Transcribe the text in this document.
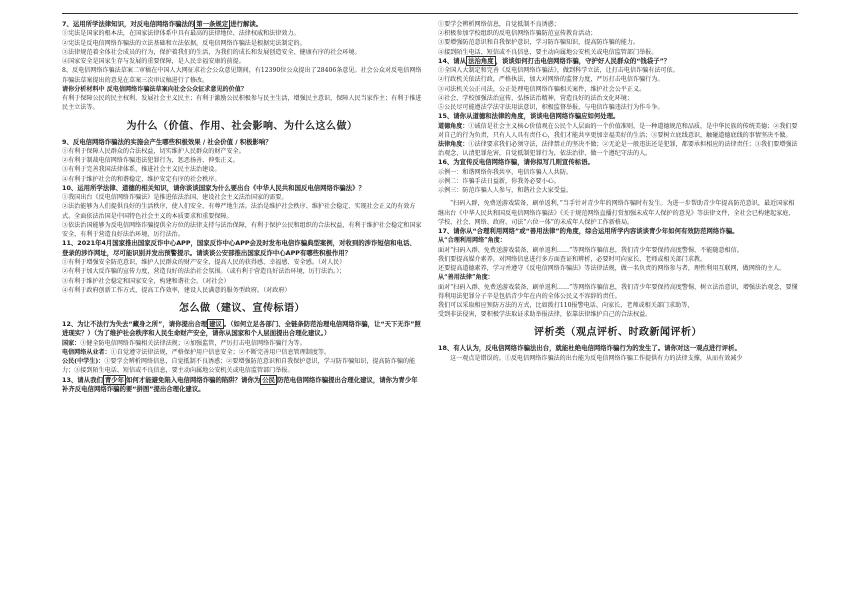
7、运用所学法律知识，对反电信网络诈骗法的 第一条规定 进行解读。

①宪法是国家的根本法，在国家法律体系中具有最高的法律地位、法律权威和法律效力。

②宪法是反电信网络诈骗法的立法基础和立法依据，反电信网络诈骗法是根据宪法制定的。

③法律规范着全体社会成员的行为，保护着我们的生活，为我们的成长和发展创造安全、健康有序的社会环境。

④国家安全是国家生存与发展的重要保障，是人民幸福安康的前提。

8、反电信网络诈骗法草案二审稿在中国人大网征求社会公众意见期间，有12390位公众提出了28406条意见。社会公众对反电信网络诈骗法草案提出的意见在草案三次审议稿进行了修改。

请你分析材料中 反电信网络诈骗法草案向社会公众征求意见的价值？

有利于保障公民的民主权利，发展社会主义民主；有利于激励公民积极参与民主生活，增强民主意识，保障人民当家作主；有利于推进民主立法等。

为什么（价值、作用、社会影响、为什么这么做）

9、反电信网络诈骗法的实施会产生哪些积极效果 / 社会价值 / 积极影响？

①有利于保障人民群众的合法权益，切实维护人民群众的财产安全。

②有利于制裁电信网络诈骗违法犯罪行为，惩恶扬善，伸张正义。

③有利于完善我国法律体系，推进社会主义民主法治建设。

④有利于维护社会的和谐稳定，维护安定有序的社会秩序。

10、运用所学法律、道德的相关知识，请你谈谈国家为什么要出台《中华人民共和国反电信网络诈骗法》？

①我国出台《反电信网络诈骗法》是推进依法治国、建设社会主义法治国家的需要。

②法治能够为人们提供良好的生活秩序，使人们安全、有尊严地生活。法治是维护社会秩序、维护社会稳定、实现社会正义的有效方式。全面依法治国是中国特色社会主义的本质要求和重要保障。

③依法治国能够为反电信网络诈骗提供全方位的法律支持与法治保障，有利于保护公民和组织的合法权益，有利于维护社会稳定和国家安全，有利于营造良好法治环境，厉行法治。

11、2021年4月国家推出国家反诈中心APP，国家反诈中心APP会及时发布电信诈骗典型案例，对收到的涉诈短信和电话、登录的涉诈网址，尽可能识别并发出预警提示。请谈谈公安部推出国家反诈中心APP有哪些积极作用？

①有利于增强安全防范意识，维护人民群众的财产安全，提高人民的获得感、幸福感、安全感。（对人民）

②有利于加大反诈骗的宣传力度，营造良好的法治社会氛围。（或有利于营造良好法治环境，厉行法治。）；

③有利于维护社会稳定和国家安全，构建和谐社会。（对社会）

④有利于政府创新工作方式，提高工作效率，建设人民满意的服务型政府。（对政府）

怎么做（建议、宣传标语）

12、为让不法行为失去“藏身之所”，请你提出合理 建议 。（如何立足各部门、全链条防范治理电信网络诈骗，让“天下无诈”照进现实？）（为了维护社会秩序和人民生命财产安全，请你从国家和个人层面提出合理化建议。）

国家：①健全防电信网络诈骗相关法律法规；②加强监管，严厉打击电信网络诈骗行为等。

电信网络从业者：①自觉遵守法律法规，严格保护用户信息安全；②不断完善用户信息管理制度等。

公民(中学生)：①要学会辨析网络信息，自觉抵制不良诱惑；②要增强防范意识和自我保护意识，学习防诈骗知识，提高防诈骗的能力；③接到陌生电话、短信或不良信息，要主动向属地公安机关或电信监管部门举报。

13、请从我们 青少年 如何才能避免陷入电信网络诈骗的陷阱？请你为 公民 防范电信网络诈骗提出合理化建议，请你为青少年补齐反电信网络诈骗的要“拼图”提出合理化建议。

①要学会辨析网络信息，自觉抵制不良诱惑；

②积极参加学校组织的反电信网络诈骗防范宣传教育活动；

③要增强防范意识和自我保护意识，学习防诈骗知识，提高防诈骗的能力。

④接到陌生电话、短信或不良信息，要主动向属地公安机关或电信监管部门举报。

14、请从 法治角度 ，谈谈如何打击电信网络诈骗，守护好人民群众的“钱袋子”？

①全国人大制定和完善《反电信网络诈骗法》，做到科学立法，让打击电信诈骗有法可依。

②行政机关依法行政，严格执法，加大对网络的监督力度，严厉打击电信诈骗行为。

③司法机关公正司法，公正处理电信网络诈骗相关案件，维护社会公平正义。

④社会、学校加强法治宣传，弘扬法治精神，营造良好的法治文化环境；

⑤公民尽可能遵法学法守法用法意识，积极监督举报，与电信诈骗违法行为作斗争。

15、请你从道德和法律的角度，谈谈电信网络诈骗应如何处理。

道德角度：①诚信是社会主义核心价值观在公民个人层面的一个价值准则，是一种道德规范和品质，是中华民族的传统美德；②我们要对自己的行为负责，只有人人具有责任心，我们才能共享更加幸福美好的生活；③要树立底线意识，触碰道德底线的事情坚决不做。

法律角度：①法律要求我们必须守法，法律禁止的坚决不做；②无论是一般违法还是犯罪，都要承担相应的法律责任；③我们要增强法治观念，认清犯罪危害，自觉抵制犯罪行为，依法治律，做一个遵纪守法的人。

16、为宣传反电信网络诈骗，请你拟写几则宣传标语。

示例一：和谐网络你我共享，电信诈骗人人共防。

示例二：诈骗手法日益新，你我务必要小心。

示例三：防范诈骗人人参与，和谐社会大家受益。

“扫码入群，免费送游戏装备、刷单返利，”当手针对青少年的网络诈骗时有发生。为进一步帮助青少年提高防范意识，最近国家相继出台《中华人民共和国反电信网络诈骗法》《关于规范网络直播打赏加强未成年人保护的意见》等法律文件，全社会已构建起家庭、学校、社会、网络、政府、司法“六位一体”的未成年人保护工作新格局。

17、请你从“合理利用网络”或“善用法律”的角度，综合运用所学内容谈谈青少年如何有效防范网络诈骗。

从“合理利用网络”角度：

面对“扫码入群、免费送游戏装备、刷单返利……”等网络诈骗信息，我们青少年要保持高度警惕，不能随意相信。

我们要提高媒介素养，对网络信息进行多方面查证和辨析，必要时可向家长、老师或相关部门求教。

还要提高道德素养，学习并遵守《反电信网络诈骗法》等法律法规，做一名负责的网络参与者，理性利用互联网，做网络的主人。

从“善用法律”角度：

面对“扫码入群、免费送游戏装备、刷单返利……”等网络诈骗信息，我们青少年要保持高度警惕，树立法治意识，增强法治观念，要懂得利用法犯罪分子辛是包括青少年在内的全体公民义不容辞的责任。

我们可以采取相应预防方法的方式，比如拨打110报警电话、向家长、老师或相关部门求助等，

受到非法侵害，要积极学法取证求助举报法律，依靠法律维护自己的合法权益。

评析类（观点评析、时政新闻评析）

18、有人认为，反电信网络诈骗法出台，就能杜绝电信网络诈骗行为的发生了。请你对这一观点进行评析。

这一观点是错误的。①反电信网络诈骗法的出台能为反电信网络诈骗工作提供有力的法律支撑，从而有效减少
